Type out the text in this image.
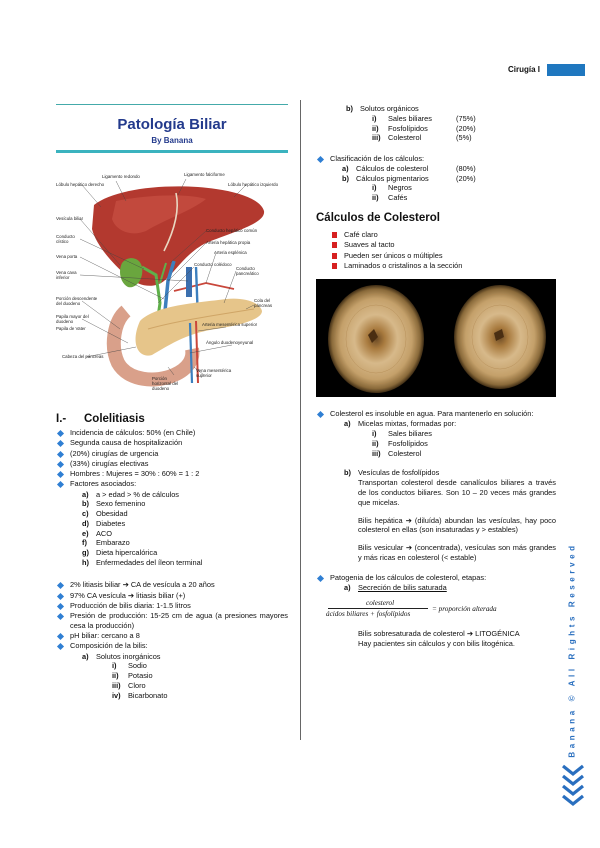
Cirugía I
Patología Biliar
By Banana
Ligamento redondo	Ligamento falciforme
Lóbulo hepático derecho	Lóbulo hepático izquierdo
Vesícula biliar
Conducto hepático común
Conducto cístico	Arteria hepática propia
Arteria esplénica
Vena porta
Conducto colédoco
Vena cava inferior
Conducto pancreático
Porción descendente del duodeno
Cola del páncreas
Papila mayor del duodeno
Papila de Vater
Arteria mesentérica superior
Ángulo duodenoyeyunal
Cabeza del páncreas
Porción horizontal del duodeno
Vena mesentérica superior
I.-	Colelitiasis
Incidencia de cálculos: 50% (en Chile)
Segunda causa de hospitalización
(20%) cirugías de urgencia
(33%) cirugías electivas
Hombres : Mujeres = 30% : 60% = 1 : 2
Factores asociados:
a)	a > edad > % de cálculos
b) Sexo femenino
c)	Obesidad
d) Diabetes
e)	ACO
f)	Embarazo
g) Dieta hipercalórica
h) Enfermedades del íleon terminal
2% litiasis biliar ➔ CA de vesícula a 20 años
97% CA vesícula ➔ litiasis biliar (+)
Producción de bilis diaria: 1-1.5 litros
Presión de producción: 15-25 cm de agua (a presiones mayores cesa la producción)
pH biliar: cercano a 8
Composición de la bilis:
a)	Solutos inorgánicos
i)	Sodio
ii)	Potasio
iii) Cloro
iv) Bicarbonato
b) Solutos orgánicos
i)	Sales biliares	(75%)
ii)	Fosfolípidos	(20%)
iii) Colesterol	(5%)
Clasificación de los cálculos:
a)	Cálculos de colesterol	(80%)
b) Cálculos pigmentarios	(20%)
i)	Negros
ii)	Cafés
Cálculos de Colesterol
Café claro
Suaves al tacto
Pueden ser únicos o múltiples
Laminados o cristalinos a la sección
Colesterol es insoluble en agua. Para mantenerlo en solución:
a)	Micelas mixtas, formadas por:
i)	Sales biliares
ii)	Fosfolípidos
iii) Colesterol
b) Vesículas de fosfolípidos
Transportan colesterol desde canalículos biliares a través de los conductos biliares. Son 10 – 20 veces más grandes que micelas.
Bilis hepática ➔ (diluída) abundan las vesículas, hay poco colesterol en ellas (son insaturadas y > estables)
Bilis vesicular ➔ (concentrada), vesículas son más grandes y más ricas en colesterol (< estable)
Patogenia de los cálculos de colesterol, etapas:
a)	Secreción de bilis saturada
colesterol
ácidos biliares + fosfolípidos
= proporción alterada
Bilis sobresaturada de colesterol ➔ LITOGÉNICA
Hay pacientes sin cálculos y con bilis litogénica.	Banana © All Rights Reserved
